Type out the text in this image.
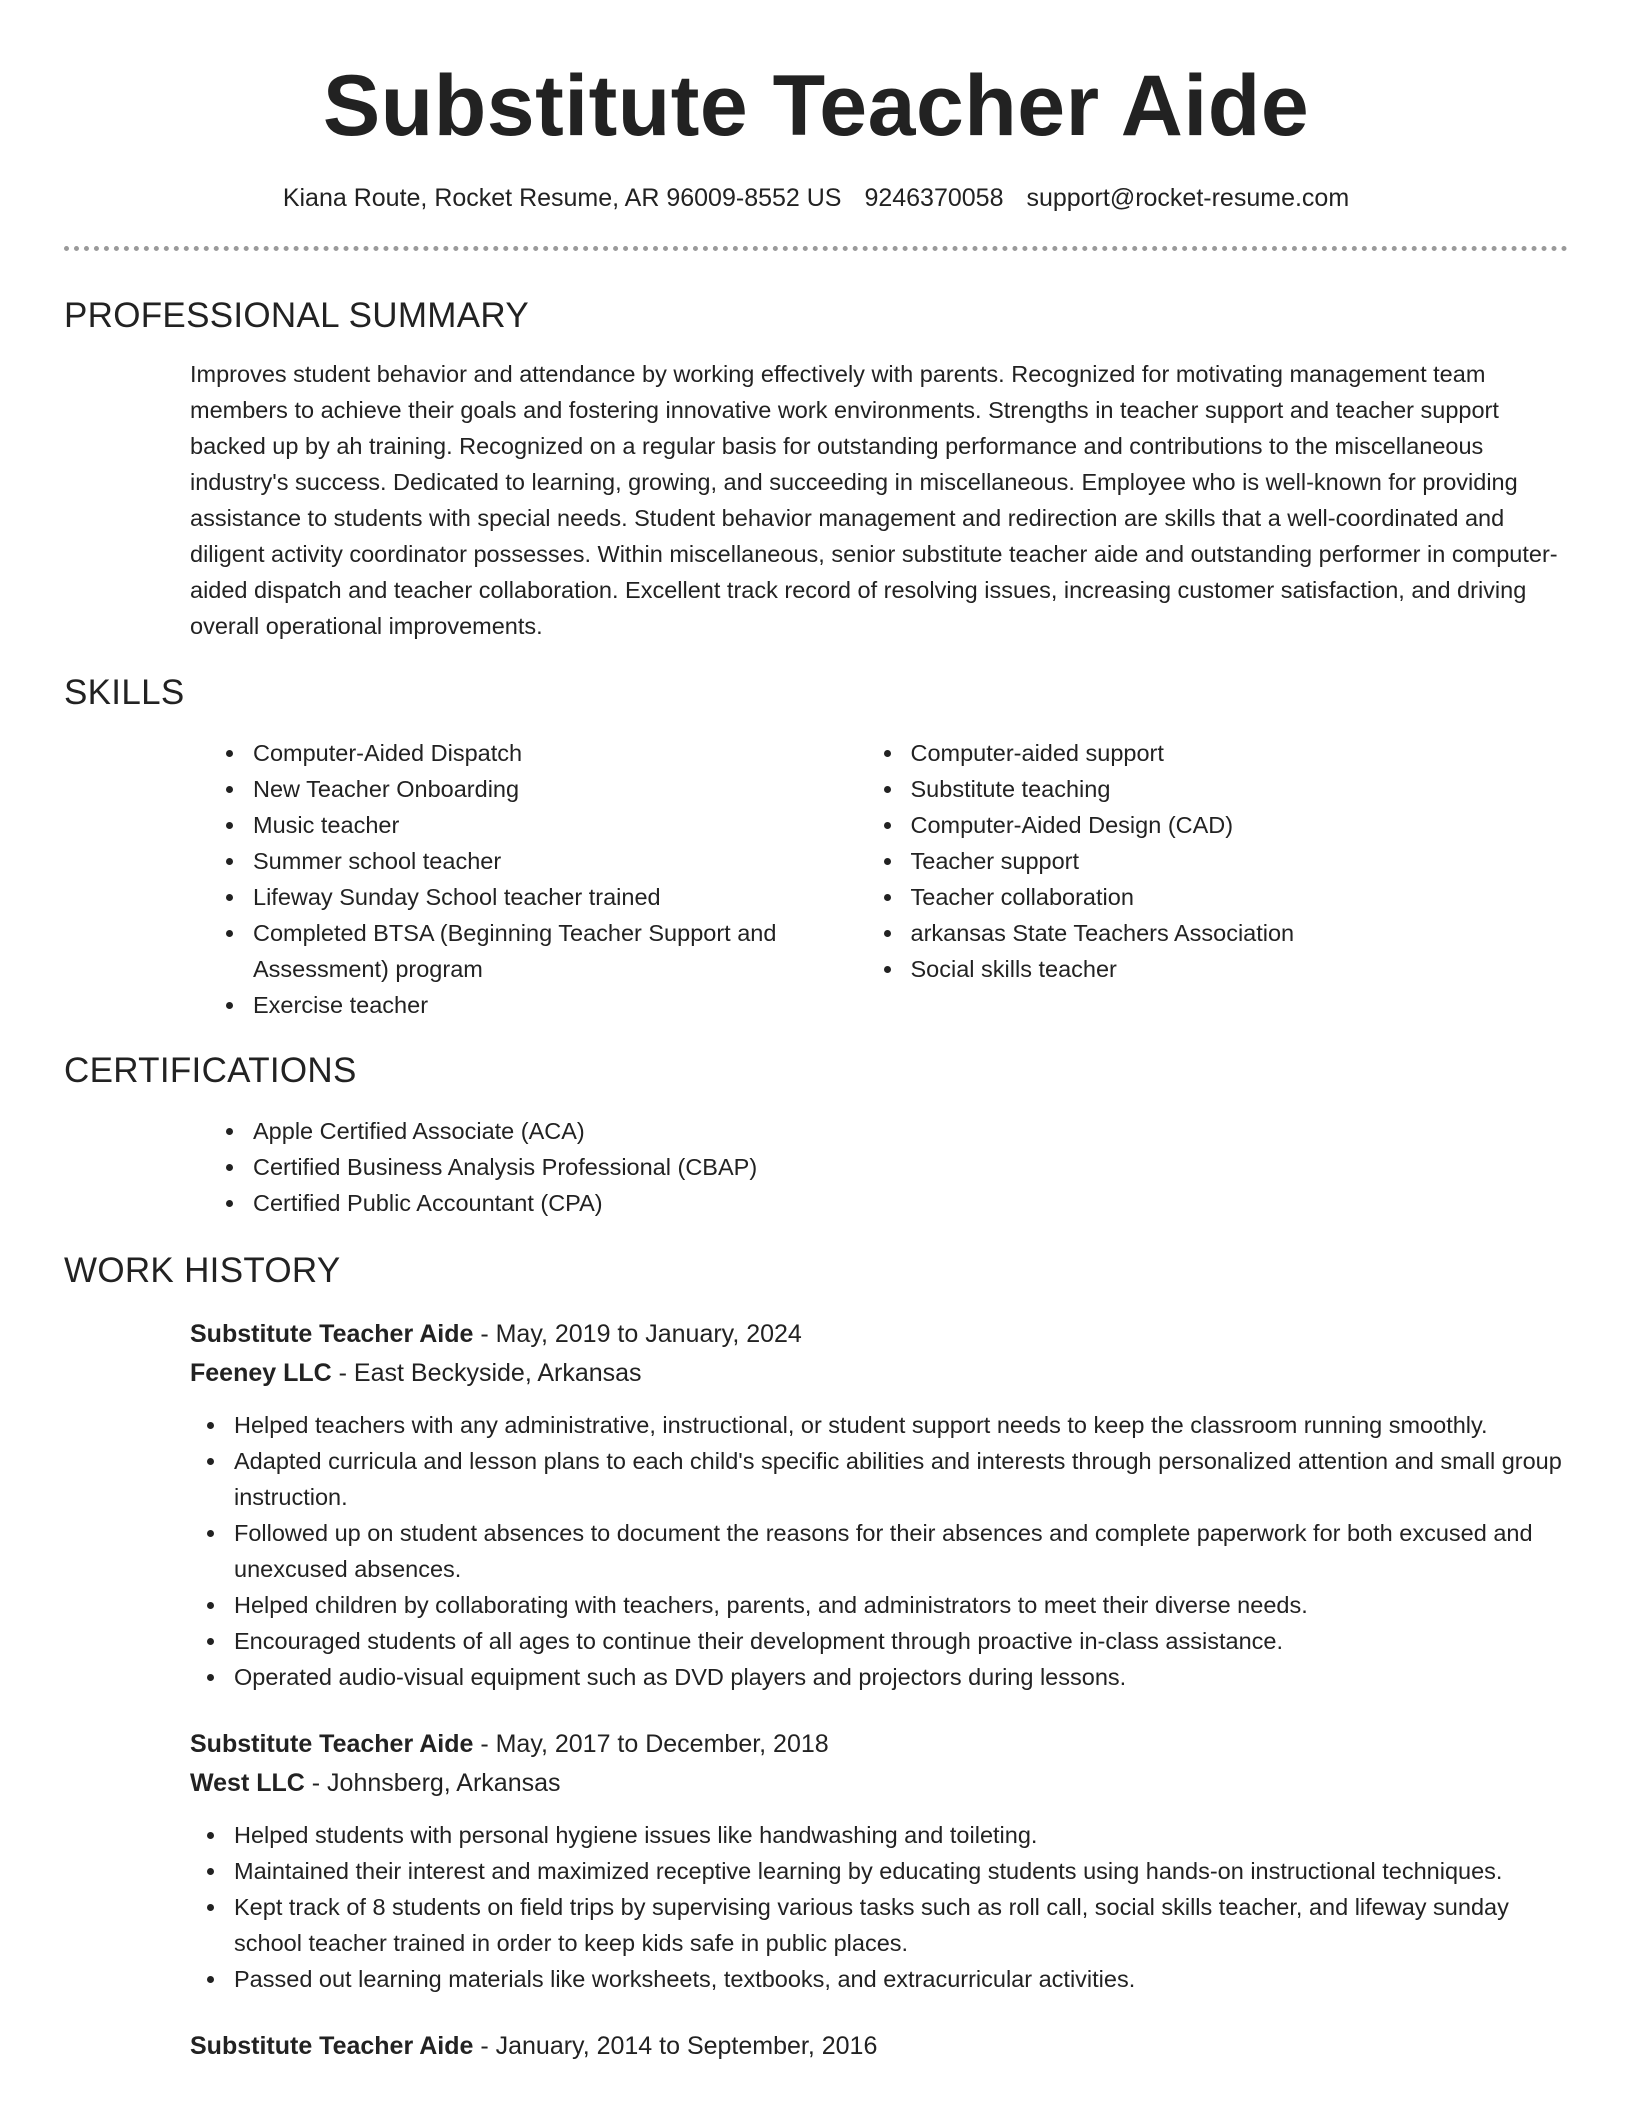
Substitute Teacher Aide
Kiana Route, Rocket Resume, AR 96009-8552 US 9246370058 support@rocket-resume.com
PROFESSIONAL SUMMARY
Improves student behavior and attendance by working effectively with parents. Recognized for motivating management team members to achieve their goals and fostering innovative work environments. Strengths in teacher support and teacher support backed up by ah training. Recognized on a regular basis for outstanding performance and contributions to the miscellaneous industry's success. Dedicated to learning, growing, and succeeding in miscellaneous. Employee who is well-known for providing assistance to students with special needs. Student behavior management and redirection are skills that a well-coordinated and diligent activity coordinator possesses. Within miscellaneous, senior substitute teacher aide and outstanding performer in computer-aided dispatch and teacher collaboration. Excellent track record of resolving issues, increasing customer satisfaction, and driving overall operational improvements.
SKILLS
Computer-Aided Dispatch
New Teacher Onboarding
Music teacher
Summer school teacher
Lifeway Sunday School teacher trained
Completed BTSA (Beginning Teacher Support and Assessment) program
Exercise teacher
Computer-aided support
Substitute teaching
Computer-Aided Design (CAD)
Teacher support
Teacher collaboration
arkansas State Teachers Association
Social skills teacher
CERTIFICATIONS
Apple Certified Associate (ACA)
Certified Business Analysis Professional (CBAP)
Certified Public Accountant (CPA)
WORK HISTORY
Substitute Teacher Aide - May, 2019 to January, 2024
Feeney LLC - East Beckyside, Arkansas
Helped teachers with any administrative, instructional, or student support needs to keep the classroom running smoothly.
Adapted curricula and lesson plans to each child's specific abilities and interests through personalized attention and small group instruction.
Followed up on student absences to document the reasons for their absences and complete paperwork for both excused and unexcused absences.
Helped children by collaborating with teachers, parents, and administrators to meet their diverse needs.
Encouraged students of all ages to continue their development through proactive in-class assistance.
Operated audio-visual equipment such as DVD players and projectors during lessons.
Substitute Teacher Aide - May, 2017 to December, 2018
West LLC - Johnsberg, Arkansas
Helped students with personal hygiene issues like handwashing and toileting.
Maintained their interest and maximized receptive learning by educating students using hands-on instructional techniques.
Kept track of 8 students on field trips by supervising various tasks such as roll call, social skills teacher, and lifeway sunday school teacher trained in order to keep kids safe in public places.
Passed out learning materials like worksheets, textbooks, and extracurricular activities.
Substitute Teacher Aide - January, 2014 to September, 2016
